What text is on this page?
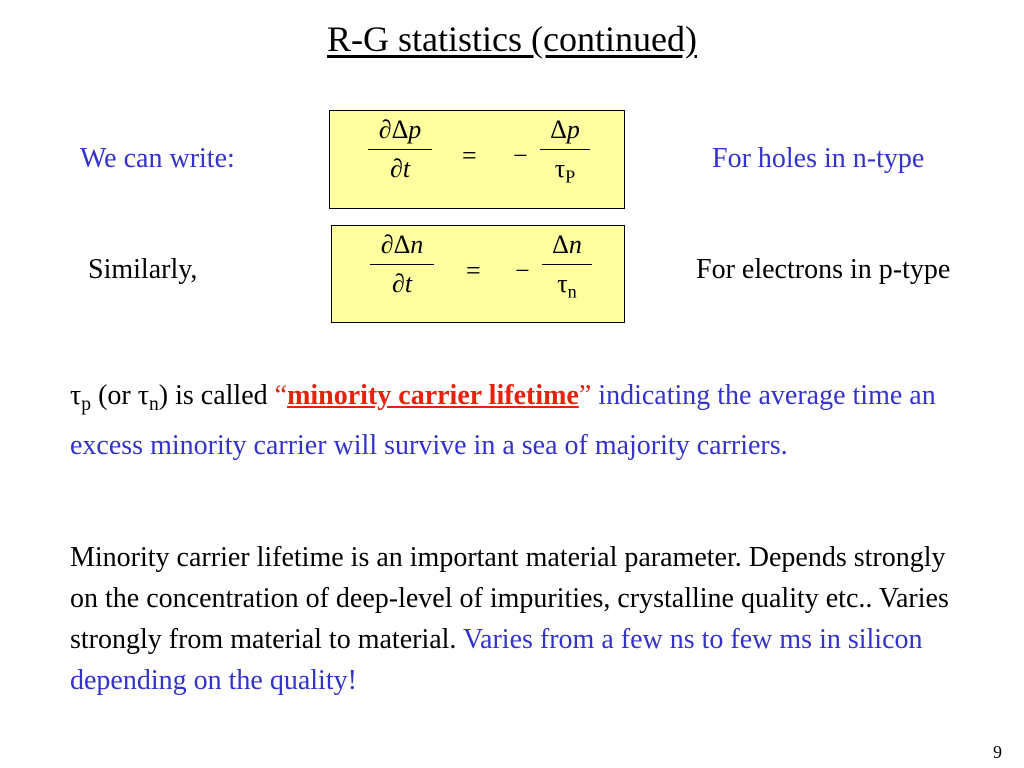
R-G statistics (continued)
We can write:
∂Δp
∂t	= −
Δp
$\tau_P$
For holes in n-type
Similarly,
∂Δn
∂t	= −
Δn
$\tau_n$
For electrons in p-type

$\tau_p$ (or $\tau_n$) is called “minority carrier lifetime” indicating the average time an excess minority carrier will survive in a sea of majority carriers.

Minority carrier lifetime is an important material parameter. Depends strongly on the concentration of deep-level of impurities, crystalline quality etc.. Varies strongly from material to material. Varies from a few ns to few ms in silicon depending on the quality!

9
